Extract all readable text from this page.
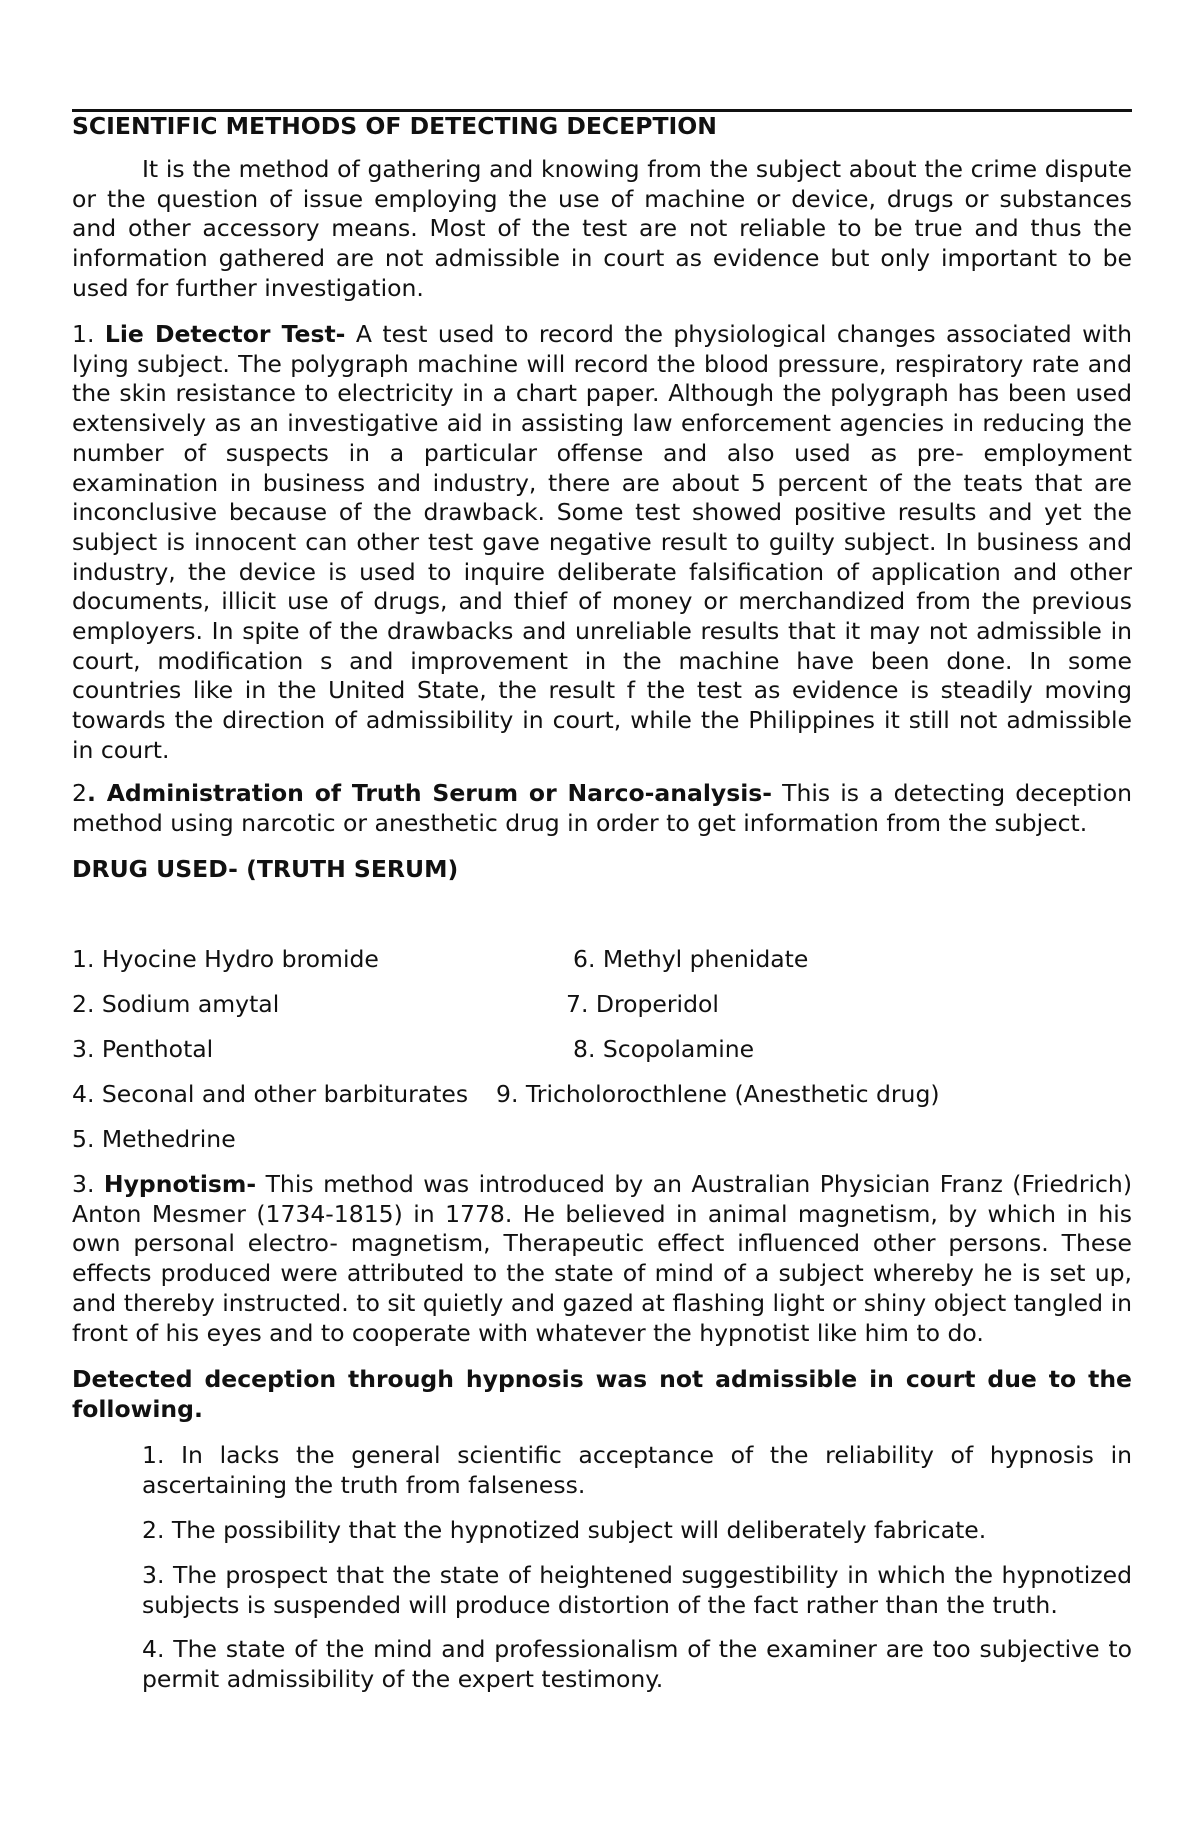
SCIENTIFIC METHODS OF DETECTING DECEPTION

It is the method of gathering and knowing from the subject about the crime dispute or the question of issue employing the use of machine or device, drugs or substances and other accessory means. Most of the test are not reliable to be true and thus the information gathered are not admissible in court as evidence but only important to be used for further investigation.

1. Lie Detector Test- A test used to record the physiological changes associated with lying subject. The polygraph machine will record the blood pressure, respiratory rate and the skin resistance to electricity in a chart paper. Although the polygraph has been used extensively as an investigative aid in assisting law enforcement agencies in reducing the number of suspects in a particular offense and also used as pre- employment examination in business and industry, there are about 5 percent of the teats that are inconclusive because of the drawback. Some test showed positive results and yet the subject is innocent can other test gave negative result to guilty subject. In business and industry, the device is used to inquire deliberate falsification of application and other documents, illicit use of drugs, and thief of money or merchandized from the previous employers. In spite of the drawbacks and unreliable results that it may not admissible in court, modification s and improvement in the machine have been done. In some countries like in the United State, the result f the test as evidence is steadily moving towards the direction of admissibility in court, while the Philippines it still not admissible in court.

2. Administration of Truth Serum or Narco-analysis- This is a detecting deception method using narcotic or anesthetic drug in order to get information from the subject.

DRUG USED- (TRUTH SERUM)
1. Hyocine Hydro bromide
2. Sodium amytal
3. Penthotal
4. Seconal and other barbiturates
5. Methedrine
6. Methyl phenidate
7. Droperidol
8. Scopolamine
9. Tricholorocthlene (Anesthetic drug)

3. Hypnotism- This method was introduced by an Australian Physician Franz (Friedrich) Anton Mesmer (1734-1815) in 1778. He believed in animal magnetism, by which in his own personal electro- magnetism, Therapeutic effect influenced other persons. These effects produced were attributed to the state of mind of a subject whereby he is set up, and thereby instructed. to sit quietly and gazed at flashing light or shiny object tangled in front of his eyes and to cooperate with whatever the hypnotist like him to do.

Detected deception through hypnosis was not admissible in court due to the following.

1. In lacks the general scientific acceptance of the reliability of hypnosis in ascertaining the truth from falseness.

2. The possibility that the hypnotized subject will deliberately fabricate.

3. The prospect that the state of heightened suggestibility in which the hypnotized subjects is suspended will produce distortion of the fact rather than the truth.

4. The state of the mind and professionalism of the examiner are too subjective to permit admissibility of the expert testimony.
